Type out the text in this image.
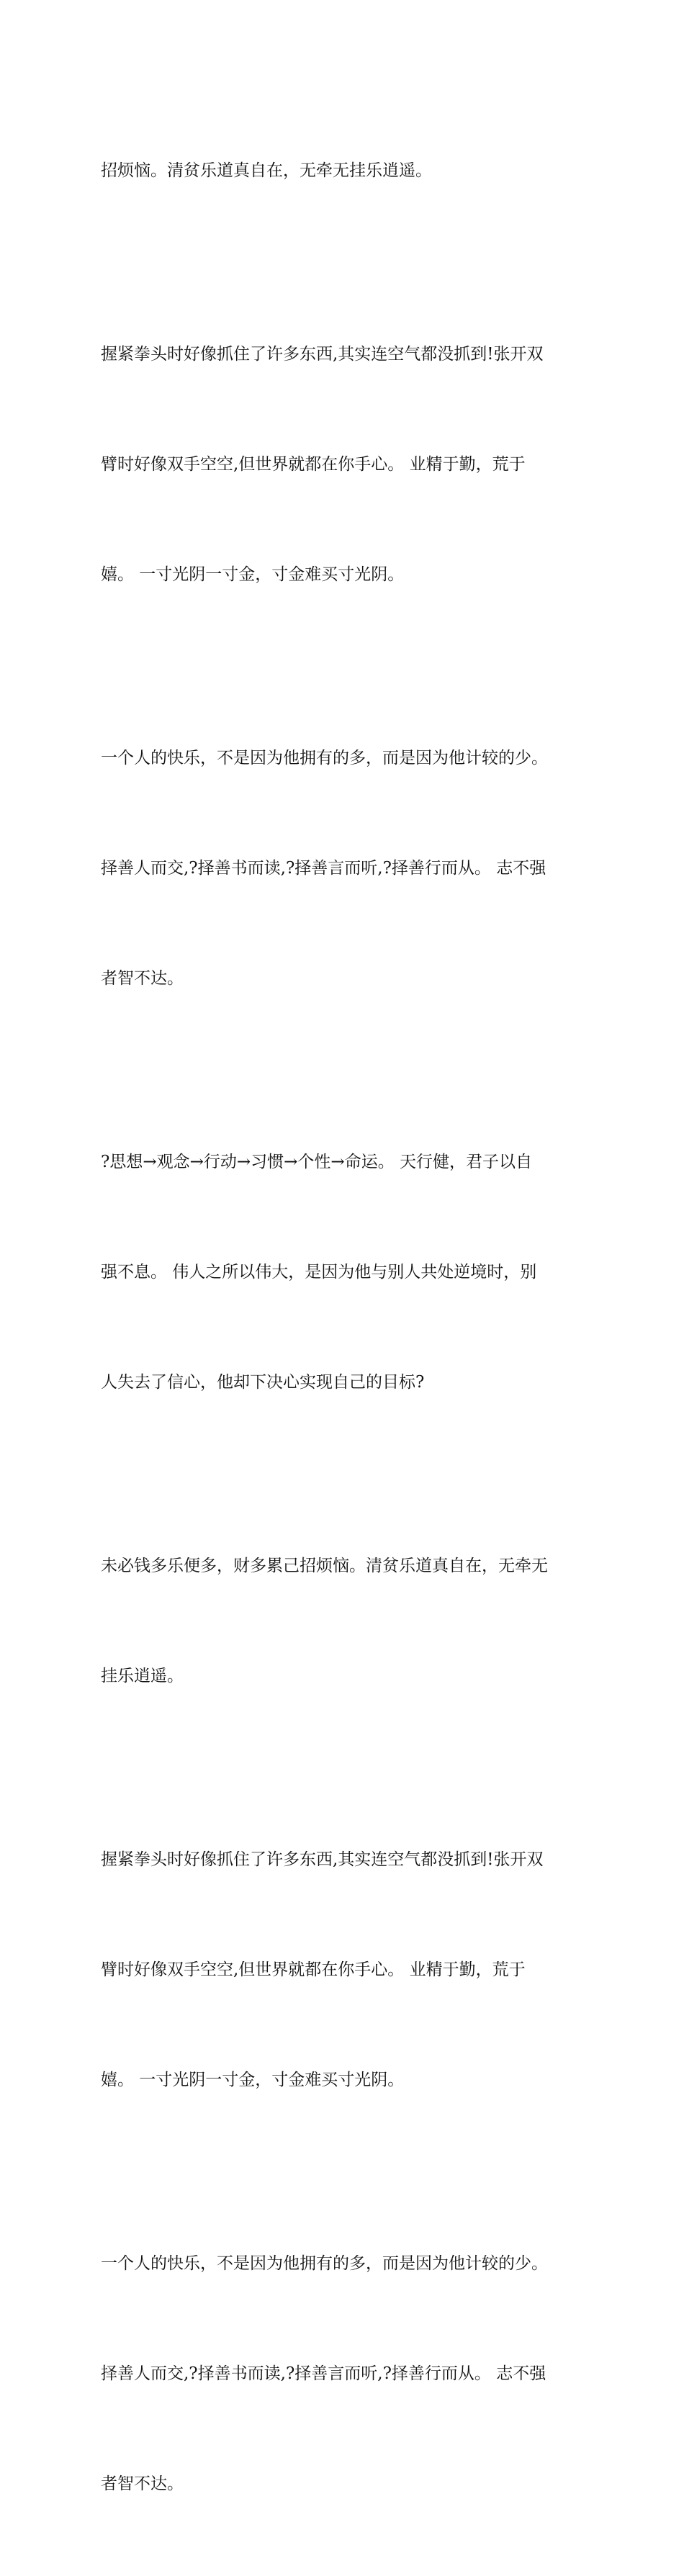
招烦恼。清贫乐道真自在，无牵无挂乐逍遥。

握紧拳头时好像抓住了许多东西,其实连空气都没抓到!张开双

臂时好像双手空空,但世界就都在你手心。 业精于勤，荒于

嬉。 一寸光阴一寸金，寸金难买寸光阴。

一个人的快乐，不是因为他拥有的多，而是因为他计较的少。

择善人而交,?择善书而读,?择善言而听,?择善行而从。 志不强

者智不达。

?思想→观念→行动→习惯→个性→命运。 天行健，君子以自

强不息。 伟人之所以伟大，是因为他与别人共处逆境时，别

人失去了信心，他却下决心实现自己的目标?

未必钱多乐便多，财多累己招烦恼。清贫乐道真自在，无牵无

挂乐逍遥。

握紧拳头时好像抓住了许多东西,其实连空气都没抓到!张开双

臂时好像双手空空,但世界就都在你手心。 业精于勤，荒于

嬉。 一寸光阴一寸金，寸金难买寸光阴。

一个人的快乐，不是因为他拥有的多，而是因为他计较的少。

择善人而交,?择善书而读,?择善言而听,?择善行而从。 志不强

者智不达。
